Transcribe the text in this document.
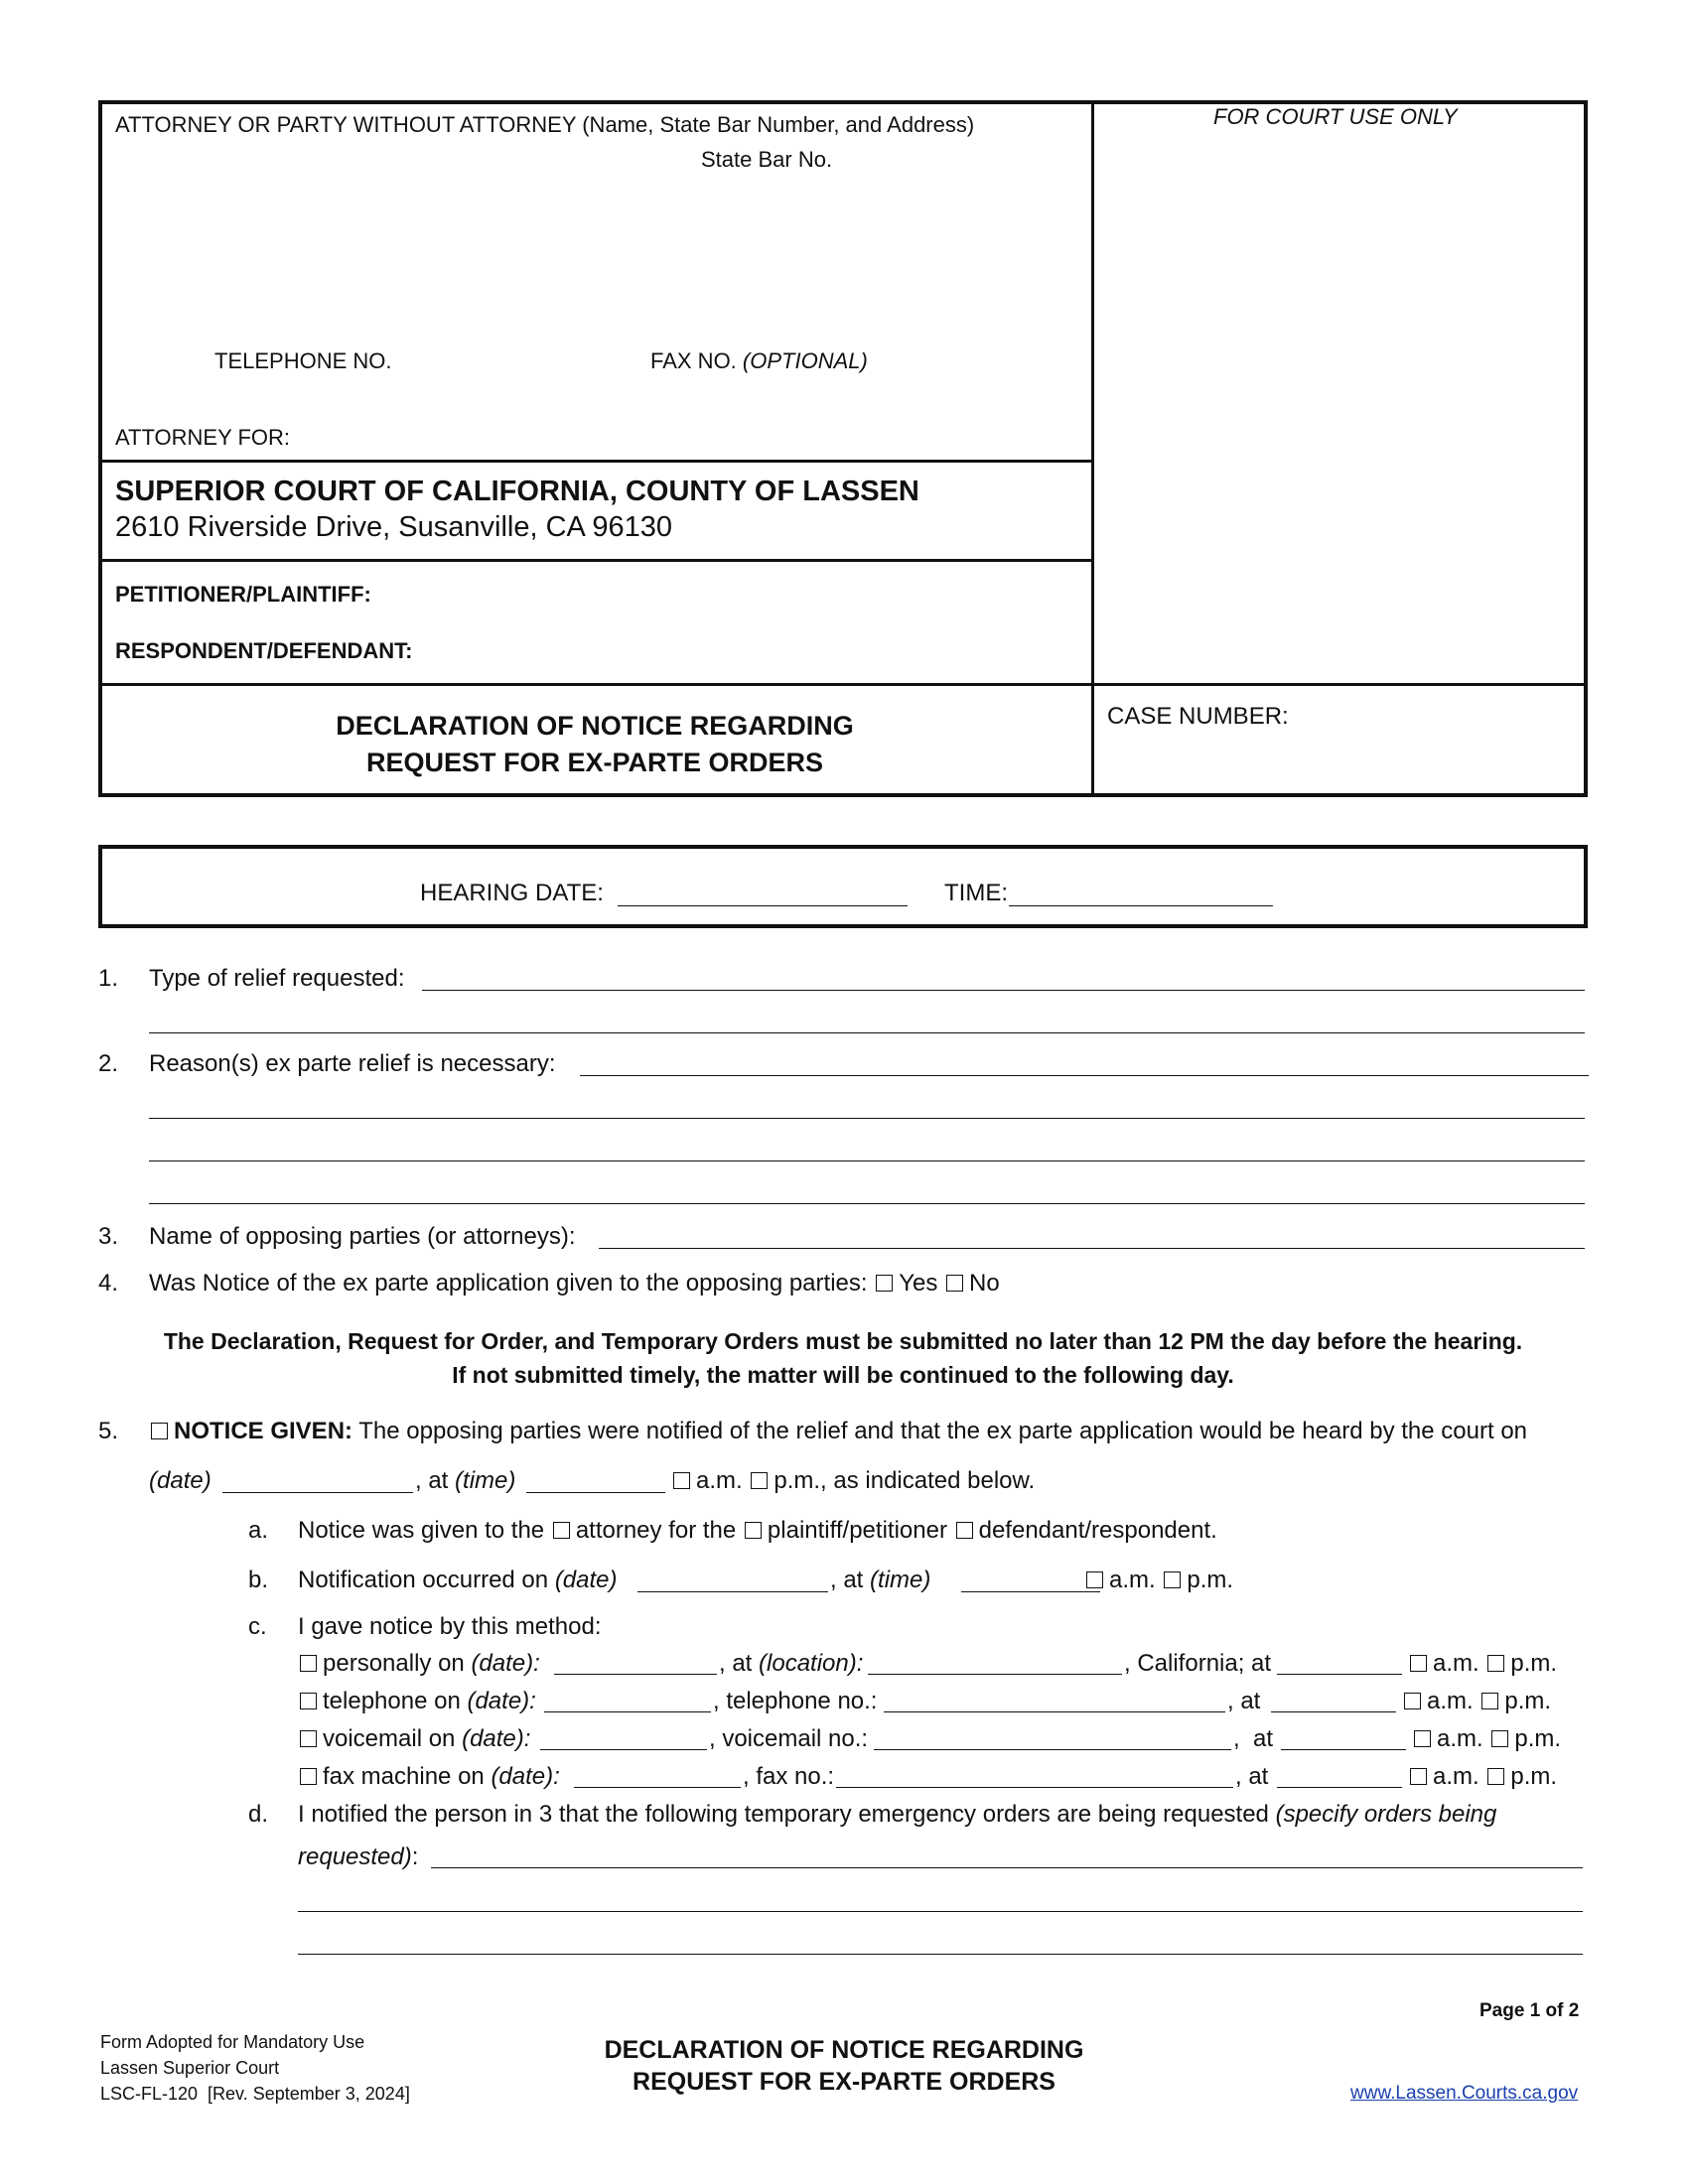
ATTORNEY OR PARTY WITHOUT ATTORNEY (Name, State Bar Number, and Address)
State Bar No.
TELEPHONE NO.	FAX NO. (OPTIONAL)
ATTORNEY FOR:
FOR COURT USE ONLY
SUPERIOR COURT OF CALIFORNIA, COUNTY OF LASSEN
2610 Riverside Drive, Susanville, CA 96130
PETITIONER/PLAINTIFF:
RESPONDENT/DEFENDANT:
DECLARATION OF NOTICE REGARDING
REQUEST FOR EX-PARTE ORDERS
CASE NUMBER:
HEARING DATE:	TIME:
1. Type of relief requested:
2. Reason(s) ex parte relief is necessary:
3. Name of opposing parties (or attorneys):
4. Was Notice of the ex parte application given to the opposing parties: Yes No
The Declaration, Request for Order, and Temporary Orders must be submitted no later than 12 PM the day before the hearing.
If not submitted timely, the matter will be continued to the following day.
5.	NOTICE GIVEN: The opposing parties were notified of the relief and that the ex parte application would be heard by the court on
(date)	, at (time)	a.m. p.m., as indicated below.
a. Notice was given to the attorney for the plaintiff/petitioner defendant/respondent.
b. Notification occurred on (date)	, at (time)	a.m. p.m.
c. I gave notice by this method:
personally on (date):	, at (location):	, California; at	a.m. p.m.
telephone on (date):	, telephone no.:	, at	a.m. p.m.
voicemail on (date):	, voicemail no.:	,  at	a.m. p.m.
fax machine on (date):	, fax no.:	, at	a.m. p.m.
d. I notified the person in 3 that the following temporary emergency orders are being requested (specify orders being
requested):
Page 1 of 2
Form Adopted for Mandatory Use
Lassen Superior Court
LSC-FL-120  [Rev. September 3, 2024]
DECLARATION OF NOTICE REGARDING
REQUEST FOR EX-PARTE ORDERS	www.Lassen.Courts.ca.gov
